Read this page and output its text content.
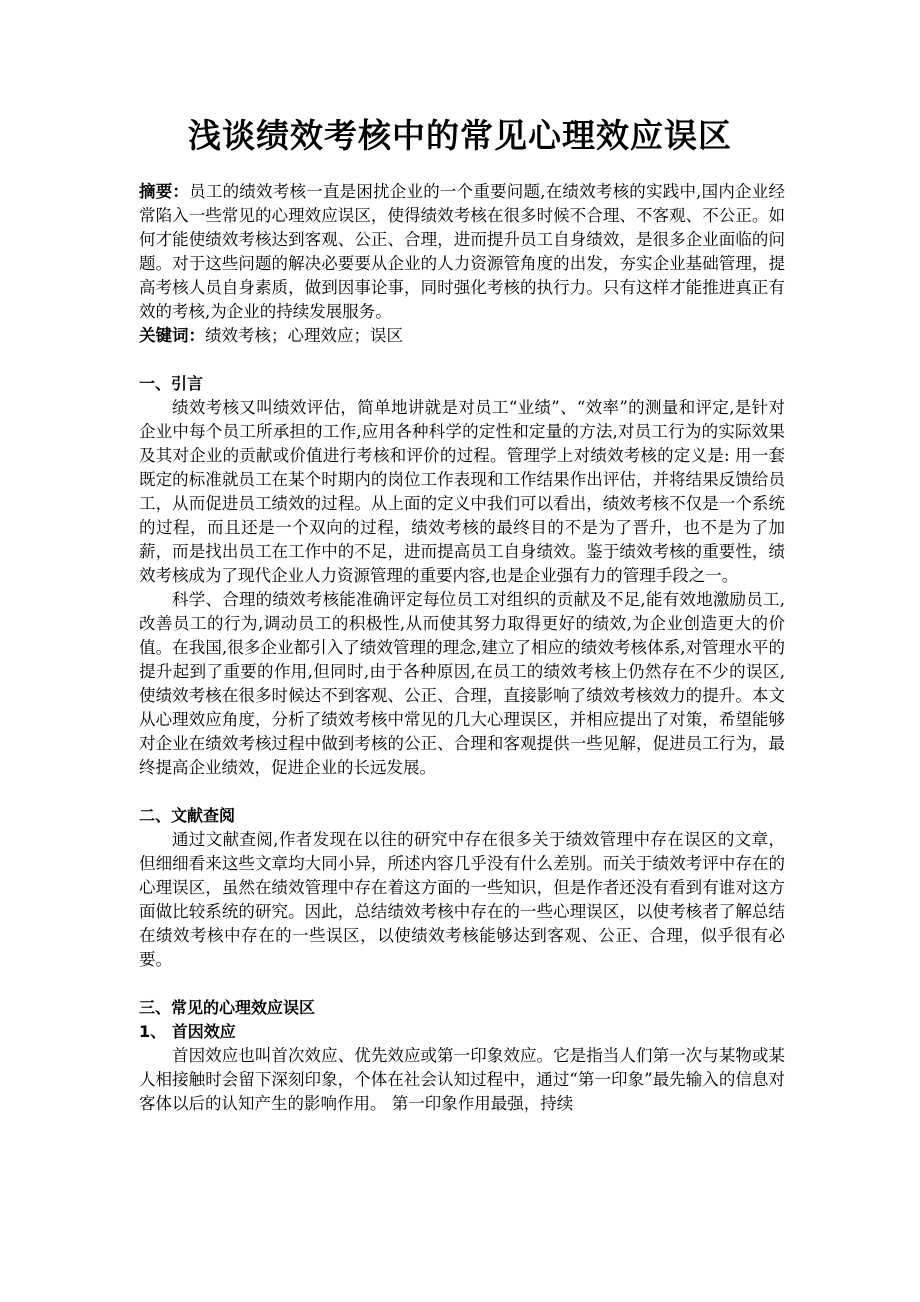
浅谈绩效考核中的常见心理效应误区

摘要：员工的绩效考核一直是困扰企业的一个重要问题,在绩效考核的实践中,国内企业经常陷入一些常见的心理效应误区，使得绩效考核在很多时候不合理、不客观、不公正。如何才能使绩效考核达到客观、公正、合理，进而提升员工自身绩效，是很多企业面临的问题。对于这些问题的解决必要要从企业的人力资源管角度的出发，夯实企业基础管理，提高考核人员自身素质，做到因事论事，同时强化考核的执行力。只有这样才能推进真正有效的考核,为企业的持续发展服务。

关键词：绩效考核；心理效应；误区

一、引言

绩效考核又叫绩效评估，简单地讲就是对员工“业绩”、“效率”的测量和评定,是针对企业中每个员工所承担的工作,应用各种科学的定性和定量的方法,对员工行为的实际效果及其对企业的贡献或价值进行考核和评价的过程。管理学上对绩效考核的定义是: 用一套既定的标准就员工在某个时期内的岗位工作表现和工作结果作出评估，并将结果反馈给员工，从而促进员工绩效的过程。从上面的定义中我们可以看出，绩效考核不仅是一个系统的过程，而且还是一个双向的过程，绩效考核的最终目的不是为了晋升，也不是为了加薪，而是找出员工在工作中的不足，进而提高员工自身绩效。鉴于绩效考核的重要性，绩效考核成为了现代企业人力资源管理的重要内容,也是企业强有力的管理手段之一。

科学、合理的绩效考核能准确评定每位员工对组织的贡献及不足,能有效地激励员工,改善员工的行为,调动员工的积极性,从而使其努力取得更好的绩效,为企业创造更大的价值。在我国,很多企业都引入了绩效管理的理念,建立了相应的绩效考核体系,对管理水平的提升起到了重要的作用,但同时,由于各种原因,在员工的绩效考核上仍然存在不少的误区,使绩效考核在很多时候达不到客观、公正、合理，直接影响了绩效考核效力的提升。本文从心理效应角度，分析了绩效考核中常见的几大心理误区，并相应提出了对策，希望能够对企业在绩效考核过程中做到考核的公正、合理和客观提供一些见解，促进员工行为，最终提高企业绩效，促进企业的长远发展。

二、文献查阅

通过文献查阅,作者发现在以往的研究中存在很多关于绩效管理中存在误区的文章，但细细看来这些文章均大同小异，所述内容几乎没有什么差别。而关于绩效考评中存在的心理误区，虽然在绩效管理中存在着这方面的一些知识，但是作者还没有看到有谁对这方面做比较系统的研究。因此，总结绩效考核中存在的一些心理误区，以使考核者了解总结在绩效考核中存在的一些误区，以使绩效考核能够达到客观、公正、合理，似乎很有必要。

三、常见的心理效应误区

1、 首因效应

首因效应也叫首次效应、优先效应或第一印象效应。它是指当人们第一次与某物或某人相接触时会留下深刻印象，个体在社会认知过程中，通过“第一印象”最先输入的信息对客体以后的认知产生的影响作用。 第一印象作用最强，持续
